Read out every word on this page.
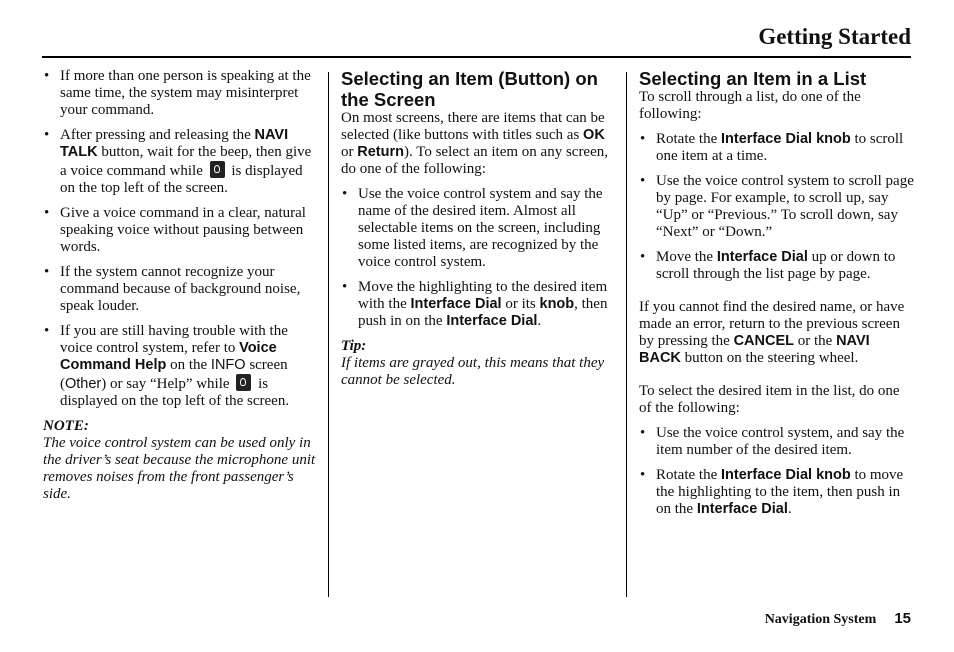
Getting Started
• If more than one person is speaking at the same time, the system may misinterpret your command.
• After pressing and releasing the NAVI TALK button, wait for the beep, then give a voice command while  is displayed on the top left of the screen.
• Give a voice command in a clear, natural speaking voice without pausing between words.
• If the system cannot recognize your command because of background noise, speak louder.
• If you are still having trouble with the voice control system, refer to Voice Command Help on the INFO screen (Other) or say “Help” while  is displayed on the top left of the screen.
NOTE:
The voice control system can be used only in the driver’s seat because the microphone unit removes noises from the front passenger’s side.
Selecting an Item (Button) on the Screen

On most screens, there are items that can be selected (like buttons with titles such as OK or Return). To select an item on any screen, do one of the following:

• Use the voice control system and say the name of the desired item. Almost all selectable items on the screen, including some listed items, are recognized by the voice control system.
• Move the highlighting to the desired item with the Interface Dial or its knob, then push in on the Interface Dial.
Tip:
If items are grayed out, this means that they cannot be selected.
Selecting an Item in a List

To scroll through a list, do one of the following:

• Rotate the Interface Dial knob to scroll one item at a time.
• Use the voice control system to scroll page by page. For example, to scroll up, say “Up” or “Previous.” To scroll down, say “Next” or “Down.”
• Move the Interface Dial up or down to scroll through the list page by page.

If you cannot find the desired name, or have made an error, return to the previous screen by pressing the CANCEL or the NAVI BACK button on the steering wheel.

To select the desired item in the list, do one of the following:

• Use the voice control system, and say the item number of the desired item.
• Rotate the Interface Dial knob to move the highlighting to the item, then push in on the Interface Dial.
Navigation System 15
